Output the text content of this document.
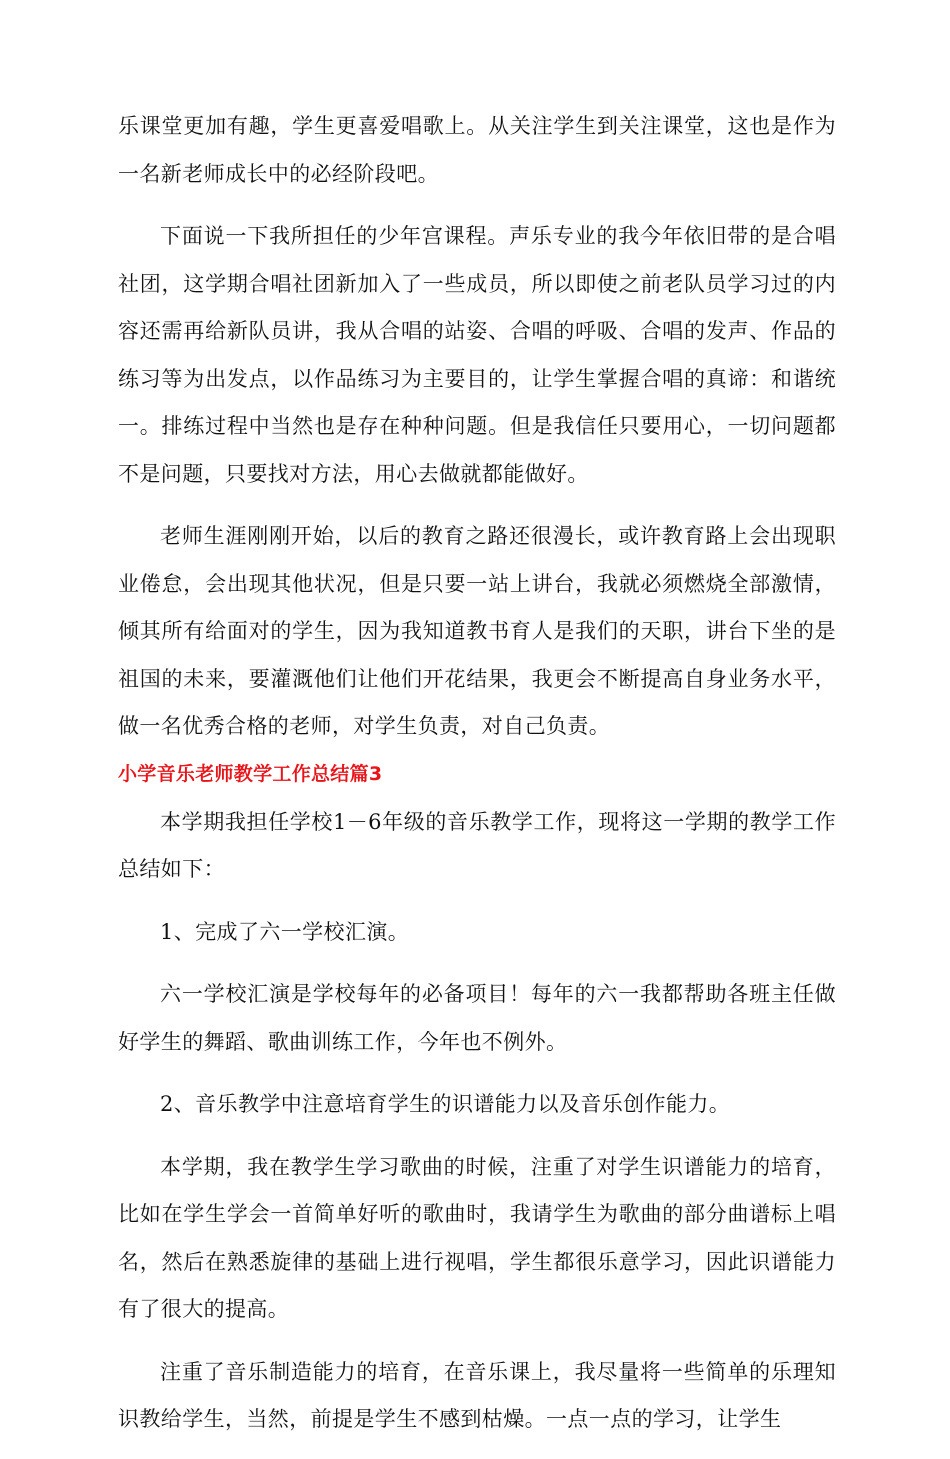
乐课堂更加有趣，学生更喜爱唱歌上。从关注学生到关注课堂，这也是作为一名新老师成长中的必经阶段吧。

下面说一下我所担任的少年宫课程。声乐专业的我今年依旧带的是合唱社团，这学期合唱社团新加入了一些成员，所以即使之前老队员学习过的内容还需再给新队员讲，我从合唱的站姿、合唱的呼吸、合唱的发声、作品的练习等为出发点，以作品练习为主要目的，让学生掌握合唱的真谛：和谐统一。排练过程中当然也是存在种种问题。但是我信任只要用心，一切问题都不是问题，只要找对方法，用心去做就都能做好。

老师生涯刚刚开始，以后的教育之路还很漫长，或许教育路上会出现职业倦怠，会出现其他状况，但是只要一站上讲台，我就必须燃烧全部激情，倾其所有给面对的学生，因为我知道教书育人是我们的天职，讲台下坐的是祖国的未来，要灌溉他们让他们开花结果，我更会不断提高自身业务水平，做一名优秀合格的老师，对学生负责，对自己负责。

小学音乐老师教学工作总结篇3

本学期我担任学校1－6年级的音乐教学工作，现将这一学期的教学工作总结如下：

1、完成了六一学校汇演。

六一学校汇演是学校每年的必备项目！每年的六一我都帮助各班主任做好学生的舞蹈、歌曲训练工作，今年也不例外。

2、音乐教学中注意培育学生的识谱能力以及音乐创作能力。

本学期，我在教学生学习歌曲的时候，注重了对学生识谱能力的培育，比如在学生学会一首简单好听的歌曲时，我请学生为歌曲的部分曲谱标上唱名，然后在熟悉旋律的基础上进行视唱，学生都很乐意学习，因此识谱能力有了很大的提高。

注重了音乐制造能力的培育，在音乐课上，我尽量将一些简单的乐理知识教给学生，当然，前提是学生不感到枯燥。一点一点的学习，让学生
